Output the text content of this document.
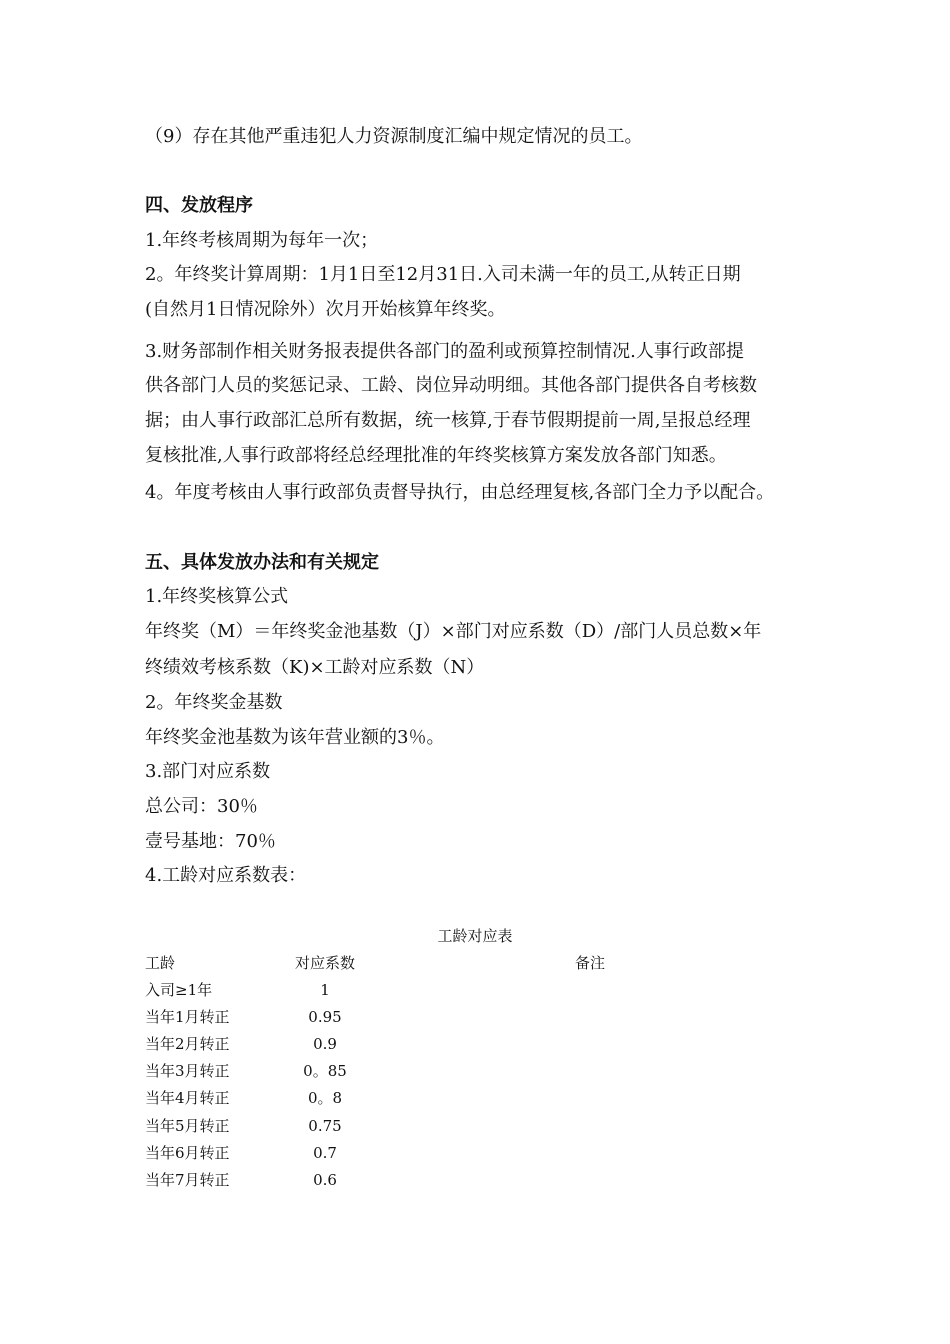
（9）存在其他严重违犯人力资源制度汇编中规定情况的员工。
四、发放程序
1.年终考核周期为每年一次；
2。年终奖计算周期：1月1日至12月31日.入司未满一年的员工,从转正日期
(自然月1日情况除外）次月开始核算年终奖。
3.财务部制作相关财务报表提供各部门的盈利或预算控制情况.人事行政部提
供各部门人员的奖惩记录、工龄、岗位异动明细。其他各部门提供各自考核数
据；由人事行政部汇总所有数据，统一核算,于春节假期提前一周,呈报总经理
复核批准,人事行政部将经总经理批准的年终奖核算方案发放各部门知悉。
4。年度考核由人事行政部负责督导执行，由总经理复核,各部门全力予以配合。
五、具体发放办法和有关规定
1.年终奖核算公式
年终奖（M）＝年终奖金池基数（J）×部门对应系数（D）/部门人员总数×年
终绩效考核系数（K)×工龄对应系数（N）
2。年终奖金基数
年终奖金池基数为该年营业额的3％。
3.部门对应系数
总公司：30％
壹号基地：70％
4.工龄对应系数表：
工龄对应表
工龄	对应系数	备注
入司≥1年	1
当年1月转正	0.95
当年2月转正	0.9
当年3月转正	0。85
当年4月转正	0。8
当年5月转正	0.75
当年6月转正	0.7
当年7月转正	0.6
